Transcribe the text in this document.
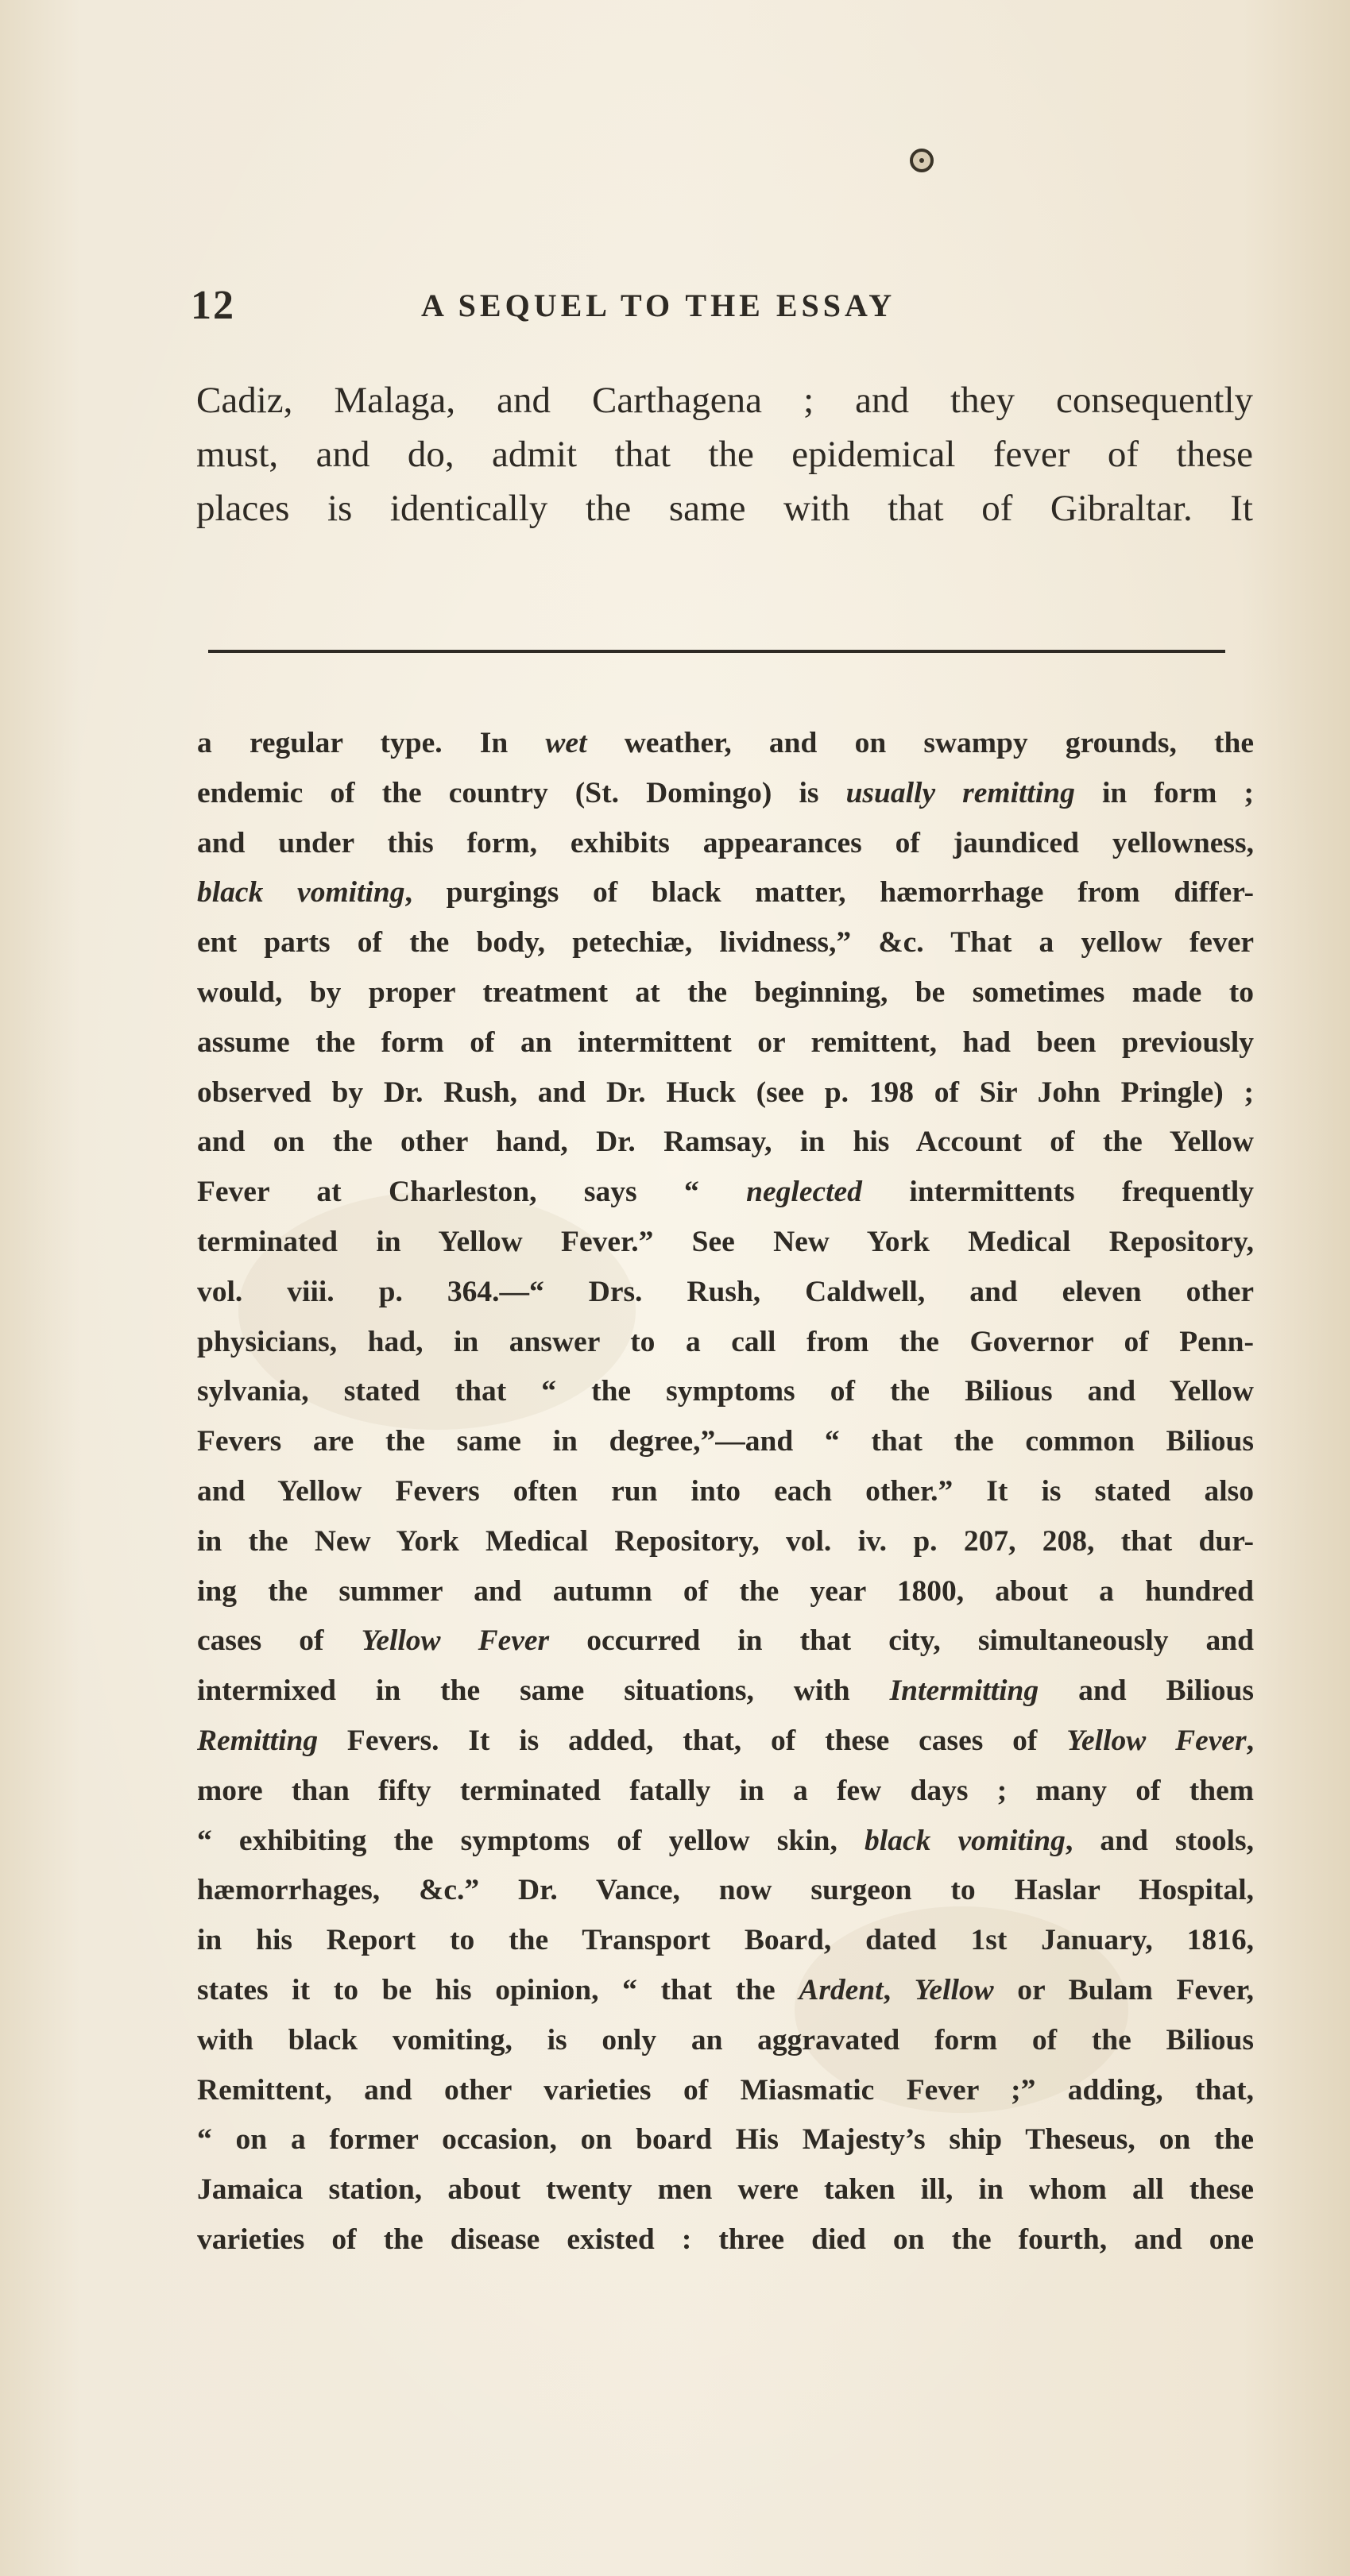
12	A SEQUEL TO THE ESSAY
Cadiz, Malaga, and Carthagena ; and they consequently
must, and do, admit that the epidemical fever of these
places is identically the same with that of Gibraltar. It
a regular type. In wet weather, and on swampy grounds, the
endemic of the country (St. Domingo) is usually remitting in form ;
and under this form, exhibits appearances of jaundiced yellowness,
black vomiting, purgings of black matter, hæmorrhage from differ-
ent parts of the body, petechiæ, lividness,” &c. That a yellow fever
would, by proper treatment at the beginning, be sometimes made to
assume the form of an intermittent or remittent, had been previously
observed by Dr. Rush, and Dr. Huck (see p. 198 of Sir John Pringle) ;
and on the other hand, Dr. Ramsay, in his Account of the Yellow
Fever at Charleston, says “ neglected intermittents frequently
terminated in Yellow Fever.” See New York Medical Repository,
vol. viii. p. 364.—“ Drs. Rush, Caldwell, and eleven other
physicians, had, in answer to a call from the Governor of Penn-
sylvania, stated that “ the symptoms of the Bilious and Yellow
Fevers are the same in degree,”—and “ that the common Bilious
and Yellow Fevers often run into each other.” It is stated also
in the New York Medical Repository, vol. iv. p. 207, 208, that dur-
ing the summer and autumn of the year 1800, about a hundred
cases of Yellow Fever occurred in that city, simultaneously and
intermixed in the same situations, with Intermitting and Bilious
Remitting Fevers. It is added, that, of these cases of Yellow Fever,
more than fifty terminated fatally in a few days ; many of them
“ exhibiting the symptoms of yellow skin, black vomiting, and stools,
hæmorrhages, &c.” Dr. Vance, now surgeon to Haslar Hospital,
in his Report to the Transport Board, dated 1st January, 1816,
states it to be his opinion, “ that the Ardent, Yellow or Bulam Fever,
with black vomiting, is only an aggravated form of the Bilious
Remittent, and other varieties of Miasmatic Fever ;” adding, that,
“ on a former occasion, on board His Majesty’s ship Theseus, on the
Jamaica station, about twenty men were taken ill, in whom all these
varieties of the disease existed : three died on the fourth, and one
